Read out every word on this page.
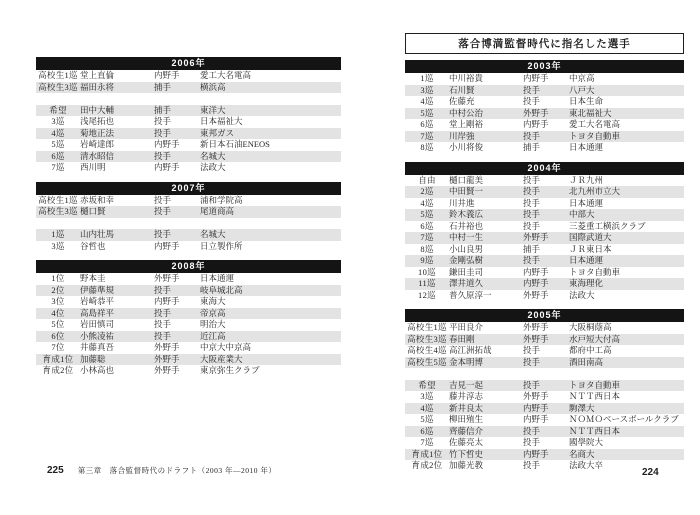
2006年
高校生1巡 堂上直倫	内野手	愛工大名電高
高校生3巡 福田永将	捕手	横浜高
希望	田中大輔	捕手	東洋大
3巡	浅尾拓也	投手	日本福祉大
4巡	菊地正法	投手	東邦ガス
5巡	岩崎達郎	内野手	新日本石油ENEOS
6巡	清水昭信	投手	名城大
7巡	西川明	内野手	法政大
2007年
高校生1巡 赤坂和幸	投手	浦和学院高
高校生3巡 樋口賢	投手	尾道商高
1巡	山内壮馬	投手	名城大
3巡	谷哲也	内野手	日立製作所
2008年
1位	野本圭	外野手	日本通運
2位	伊藤準規	投手	岐阜城北高
3位	岩崎恭平	内野手	東海大
4位	高島祥平	投手	帝京高
5位	岩田慎司	投手	明治大
6位	小熊凌祐	投手	近江高
7位	井藤真吾	外野手	中京大中京高
育成1位 加藤聡	外野手	大阪産業大
育成2位 小林高也	外野手	東京弥生クラブ
落合博満監督時代に指名した選手
2003年
1巡	中川裕貴	内野手	中京高
3巡	石川賢	投手	八戸大
4巡	佐藤充	投手	日本生命
5巡	中村公治	外野手	東北福祉大
6巡	堂上剛裕	内野手	愛工大名電高
7巡	川岸強	投手	トヨタ自動車
8巡	小川将俊	捕手	日本通運
2004年
自由	樋口龍美	投手	ＪＲ九州
2巡	中田賢一	投手	北九州市立大
4巡	川井進	投手	日本通運
5巡	鈴木義広	投手	中部大
6巡	石井裕也	投手	三菱重工横浜クラブ
7巡	中村一生	外野手	国際武道大
8巡	小山良男	捕手	ＪＲ東日本
9巡	金剛弘樹	投手	日本通運
10巡	鎌田圭司	内野手	トヨタ自動車
11巡	澤井道久	内野手	東海理化
12巡	普久原淳一	外野手	法政大
2005年
高校生1巡 平田良介	外野手	大阪桐蔭高
高校生3巡 春田剛	外野手	水戸短大付高
高校生4巡 高江洲拓哉	投手	都府中工高
高校生5巡 金本明博	投手	酒田南高
希望	吉見一起	投手	トヨタ自動車
3巡	藤井淳志	外野手	ＮＴＴ西日本
4巡	新井良太	内野手	駒澤大
5巡	柳田殖生	内野手	ＮＯＭＯベースボールクラブ
6巡	齊藤信介	投手	ＮＴＴ西日本
7巡	佐藤亮太	投手	國學院大
育成1位 竹下哲史	内野手	名商大
育成2位 加藤光教	投手	法政大卒
225 第三章　落合監督時代のドラフト（2003 年―2010 年）	224
